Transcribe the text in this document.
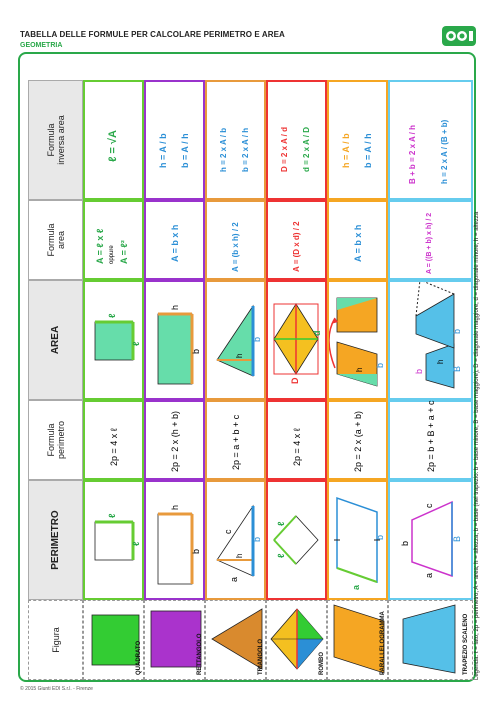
TABELLA DELLE FORMULE PER CALCOLARE PERIMETRO E AREA
GEOMETRIA
© 2015 Giunti EDI S.r.l. - Firenze
Figura
PERIMETRO
Formula perimetro
AREA
Formula area
Formula inversa area
QUADRATO
ℓ
ℓ
2p = 4 x ℓ
ℓ
ℓ
A = ℓ x ℓ oppure A = ℓ²
ℓ = √A
RETTANGOLO
b
h
2p = 2 x (h + b)
b
h
A = b x h
h = A / b b = A / h
TRIANGOLO
a
c
h
b
2p = a + b + c
h
b
A = (b x h) / 2
h = 2 x A / b b = 2 x A / h
ROMBO
ℓ
ℓ
2p = 4 x ℓ
D
d
A = (D x d) / 2
D = 2 x A / d d = 2 x A / D
PARALLELOGRAMMA
a
b
2p = 2 x (a + b)
h
b
A = b x h
h = A / b b = A / h
TRAPEZIO SCALENO
b
a
c
B
2p = b + B + a + c
b	B
b
h
A = ((B + b) x h) / 2
B + b = 2 x A / h	h = 2 x A / (B + b)
Legenda: ℓ = lato; 2p = perimetro; A = area; h = altezza; b = base (nel trapezio: b = base minore, B = base maggiore); D = diagonale maggiore, d = diagonale minore; h = altezza
